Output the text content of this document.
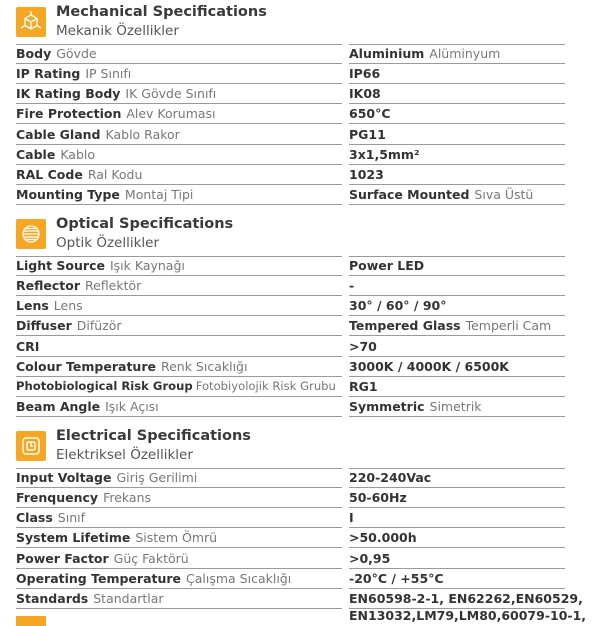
Mechanical Specifications
Mekanik Özellikler
Optical Specifications
Optik Özellikler
Electrical Specifications
Elektriksel Özellikler
Body Gövde	Aluminium Alüminyum
IP Rating IP Sınıfı	IP66
IK Rating Body IK Gövde Sınıfı	IK08
Fire Protection Alev Koruması	650°C
Cable Gland Kablo Rakor	PG11
Cable Kablo	3x1,5mm²
RAL Code Ral Kodu	1023
Mounting Type Montaj Tipi	Surface Mounted Sıva Üstü
Light Source Işık Kaynağı	Power LED
Reflector Reflektör	-
Lens Lens	30° / 60° / 90°
Diffuser Difüzör	Tempered Glass Temperli Cam
CRI	>70
Colour Temperature Renk Sıcaklığı	3000K / 4000K / 6500K
Photobiological Risk Group Fotobiyolojik Risk Grubu	RG1
Beam Angle Işık Açısı	Symmetric Simetrik
Input Voltage Giriş Gerilimi	220-240Vac
Frenquency Frekans	50-60Hz
Class Sınıf	I
System Lifetime Sistem Ömrü	>50.000h
Power Factor Güç Faktörü	>0,95
Operating Temperature Çalışma Sıcaklığı	-20°C / +55°C
Standards Standartlar	EN60598-2-1, EN62262,EN60529,
EN13032,LM79,LM80,60079-10-1,
